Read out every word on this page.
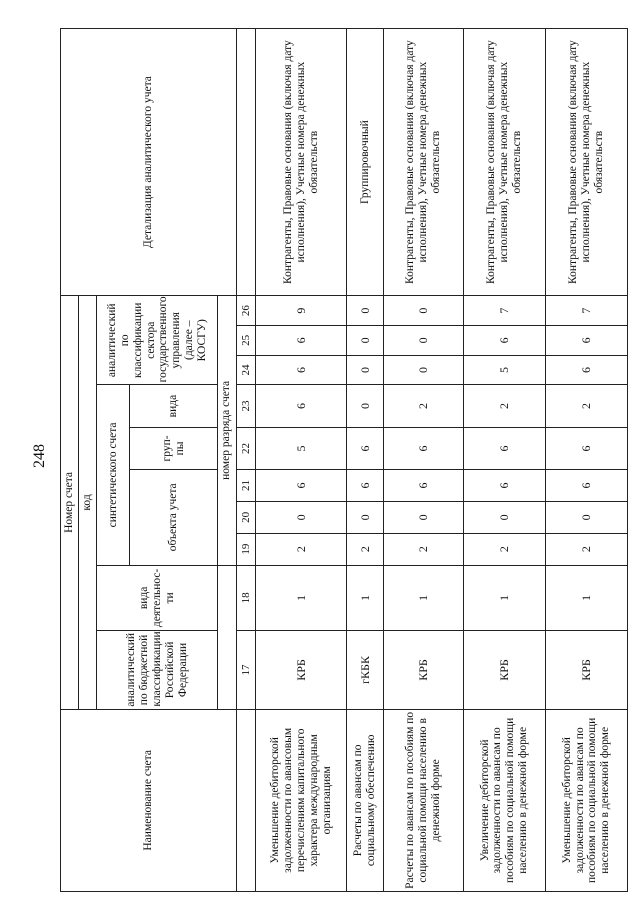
248
Наименование счета	Номер счета										Детализация аналитического учета
	код										
	аналитический по бюджетной классификации Российской Федерации	вида деятельнос-ти	синтетического счета					аналитический по классификации сектора государственного управления (далее – КОСГУ)			
			объекта учета			груп-пы	вида				
			номер разряда счета								
	17	18	19	20	21	22	23	24	25	26	
Уменьшение дебиторской задолженности по авансовым перечислениям капитального характера международным организациям	КРБ	1	2	0	6	5	6	6	6	9	Контрагенты, Правовые основания (включая дату исполнения), Учетные номера денежных обязательств
Расчеты по авансам по социальному обеспечению	гКБК	1	2	0	6	6	0	0	0	0	Группировочный
Расчеты по авансам по пособиям по социальной помощи населению в денежной форме	КРБ	1	2	0	6	6	2	0	0	0	Контрагенты, Правовые основания (включая дату исполнения), Учетные номера денежных обязательств
Увеличение дебиторской задолженности по авансам по пособиям по социальной помощи населению в денежной форме	КРБ	1	2	0	6	6	2	5	6	7	Контрагенты, Правовые основания (включая дату исполнения), Учетные номера денежных обязательств
Уменьшение дебиторской задолженности по авансам по пособиям по социальной помощи населению в денежной форме	КРБ	1	2	0	6	6	2	6	6	7	Контрагенты, Правовые основания (включая дату исполнения), Учетные номера денежных обязательств
